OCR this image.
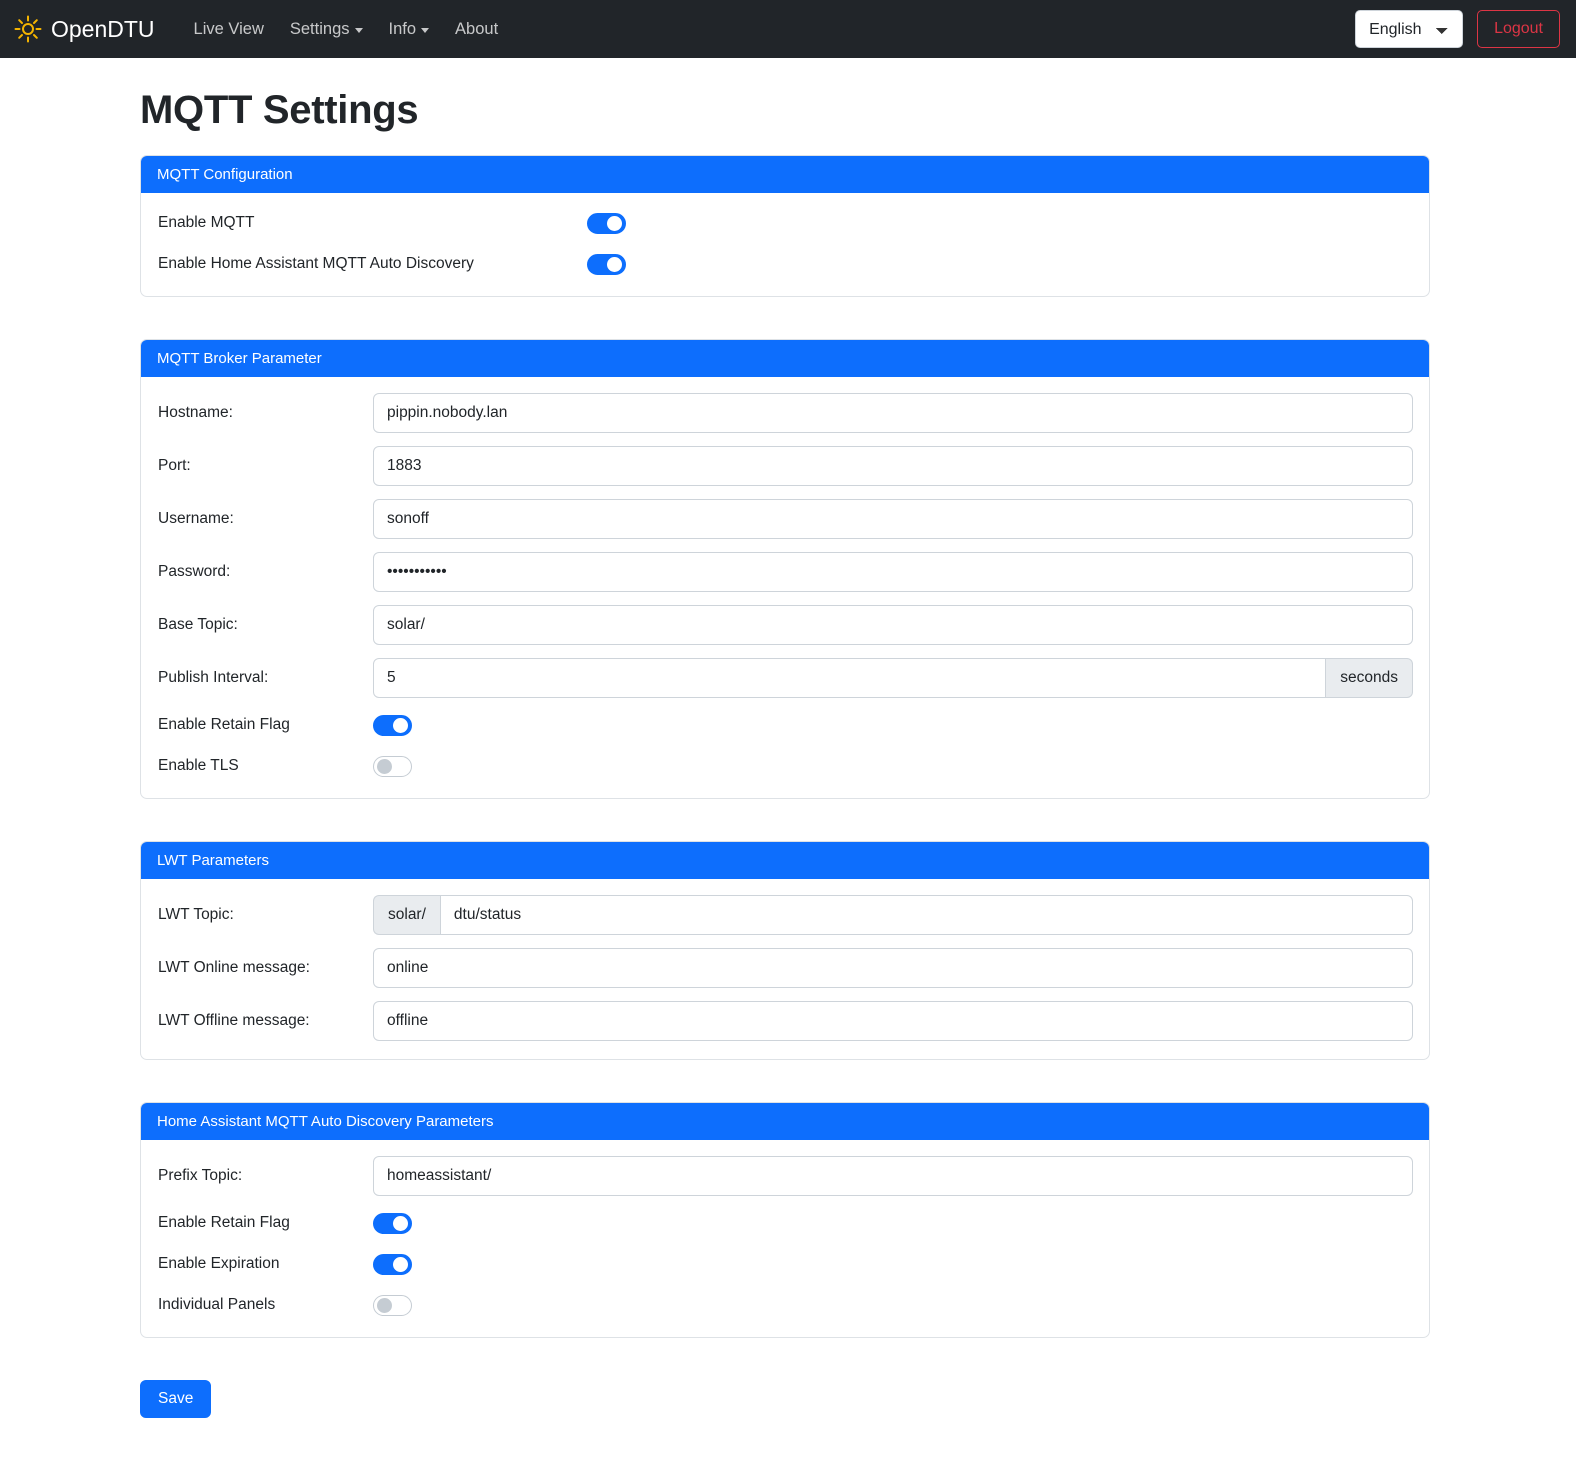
OpenDTU Live View Settings Info About
English	Logout
MQTT Settings
MQTT Configuration
Enable MQTT
Enable Home Assistant MQTT Auto Discovery
MQTT Broker Parameter
Hostname:
pippin.nobody.lan
Port:
1883
Username:
sonoff
Password:
•••••••••••
Base Topic:
solar/
Publish Interval:
5	seconds
Enable Retain Flag
Enable TLS
LWT Parameters
LWT Topic:	solar/
dtu/status
LWT Online message:
online
LWT Offline message:
offline
Home Assistant MQTT Auto Discovery Parameters
Prefix Topic:
homeassistant/
Enable Retain Flag
Enable Expiration
Individual Panels
Save
